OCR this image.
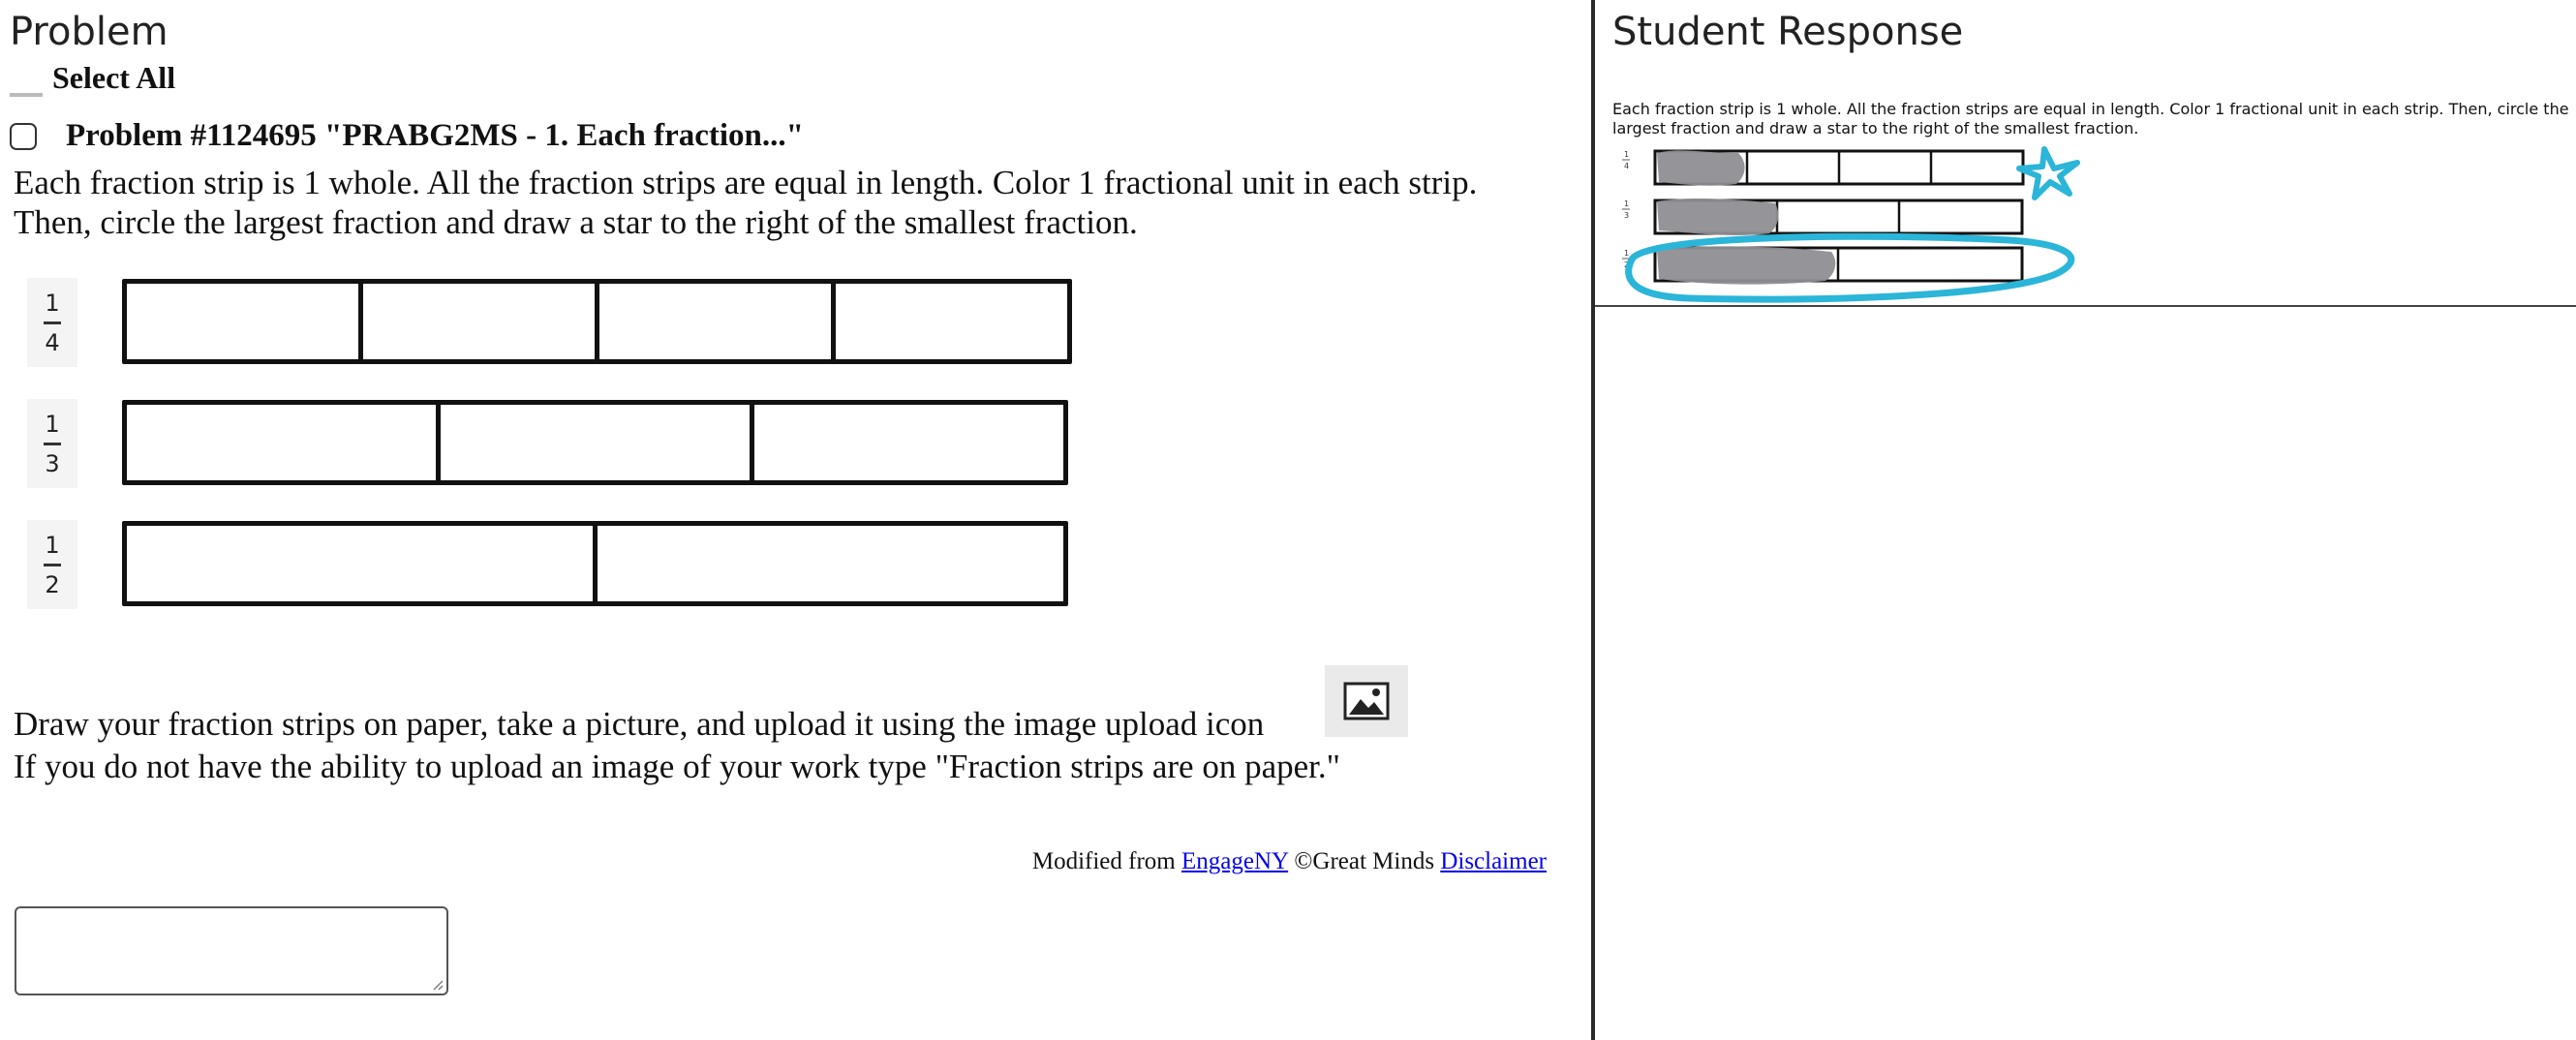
Problem
Select All
Problem #1124695 "PRABG2MS - 1. Each fraction..."
Each fraction strip is 1 whole. All the fraction strips are equal in length. Color 1 fractional unit in each strip. Then, circle the largest fraction and draw a star to the right of the smallest fraction.
1
4
1
3
1
2
Draw your fraction strips on paper, take a picture, and upload it using the image upload icon
If you do not have the ability to upload an image of your work type "Fraction strips are on paper."
Modified from EngageNY ©Great Minds Disclaimer
Student Response
Each fraction strip is 1 whole. All the fraction strips are equal in length. Color 1 fractional unit in each strip. Then, circle the largest fraction and draw a star to the right of the smallest fraction.
1
4
1
3
1
2
